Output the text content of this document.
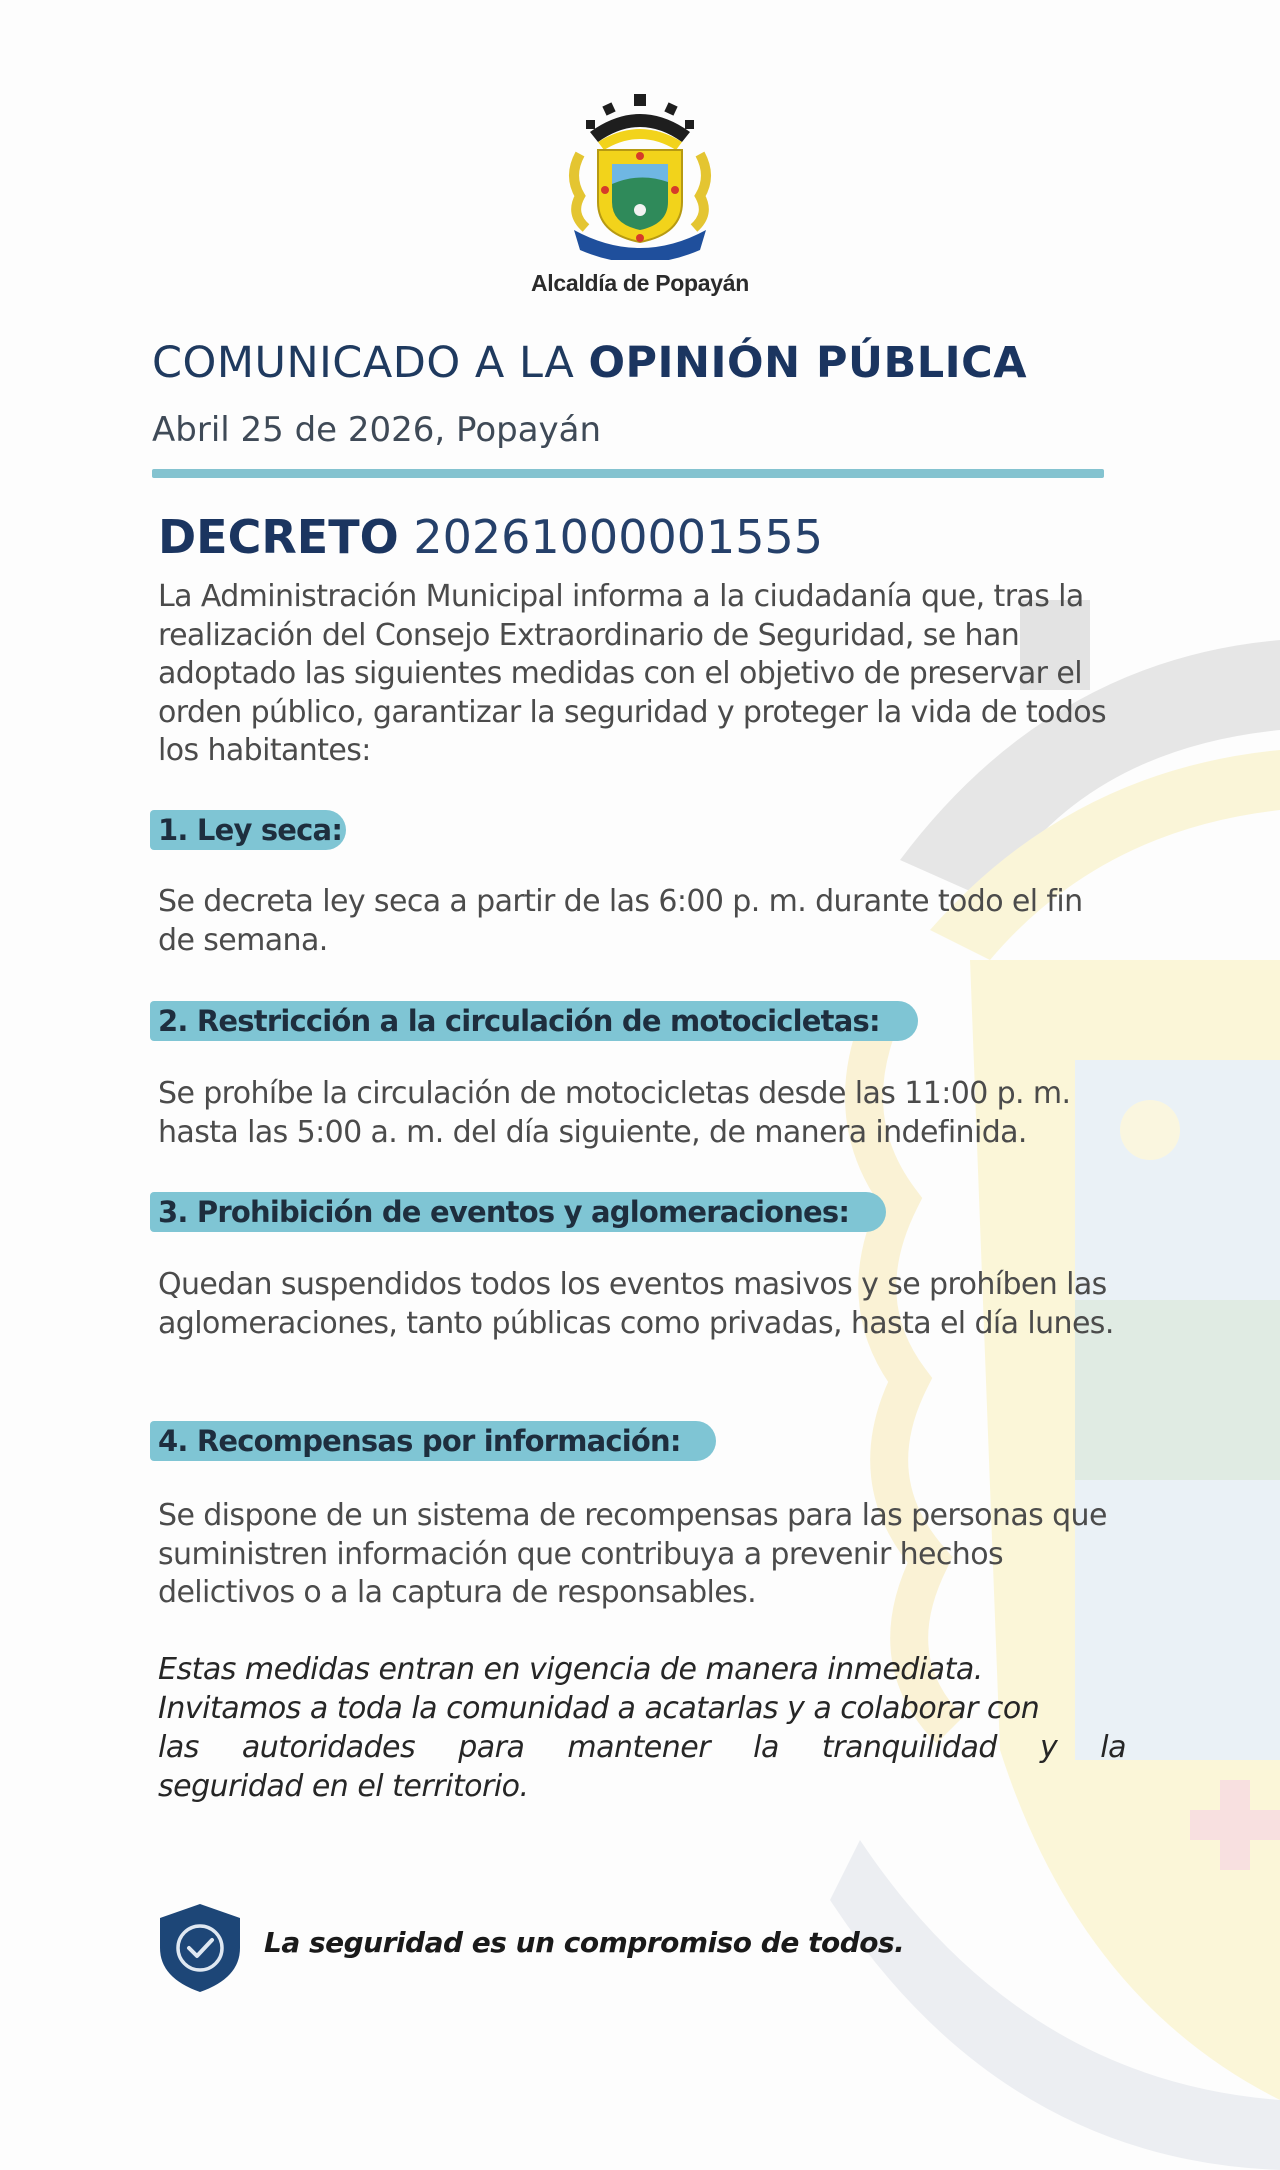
Alcaldía de Popayán
COMUNICADO A LA OPINIÓN PÚBLICA
Abril 25 de 2026, Popayán
DECRETO 20261000001555
La Administración Municipal informa a la ciudadanía que, tras la realización del Consejo Extraordinario de Seguridad, se han adoptado las siguientes medidas con el objetivo de preservar el orden público, garantizar la seguridad y proteger la vida de todos los habitantes:
1. Ley seca:
Se decreta ley seca a partir de las 6:00 p. m. durante todo el fin de semana.
2. Restricción a la circulación de motocicletas:
Se prohíbe la circulación de motocicletas desde las 11:00 p. m. hasta las 5:00 a. m. del día siguiente, de manera indefinida.
3. Prohibición de eventos y aglomeraciones:
Quedan suspendidos todos los eventos masivos y se prohíben las aglomeraciones, tanto públicas como privadas, hasta el día lunes.
4. Recompensas por información:
Se dispone de un sistema de recompensas para las personas que suministren información que contribuya a prevenir hechos delictivos o a la captura de responsables.
Estas medidas entran en vigencia de manera inmediata.
Invitamos a toda la comunidad a acatarlas y a colaborar con
las autoridades para mantener la tranquilidad y la
seguridad en el territorio.
La seguridad es un compromiso de todos.
